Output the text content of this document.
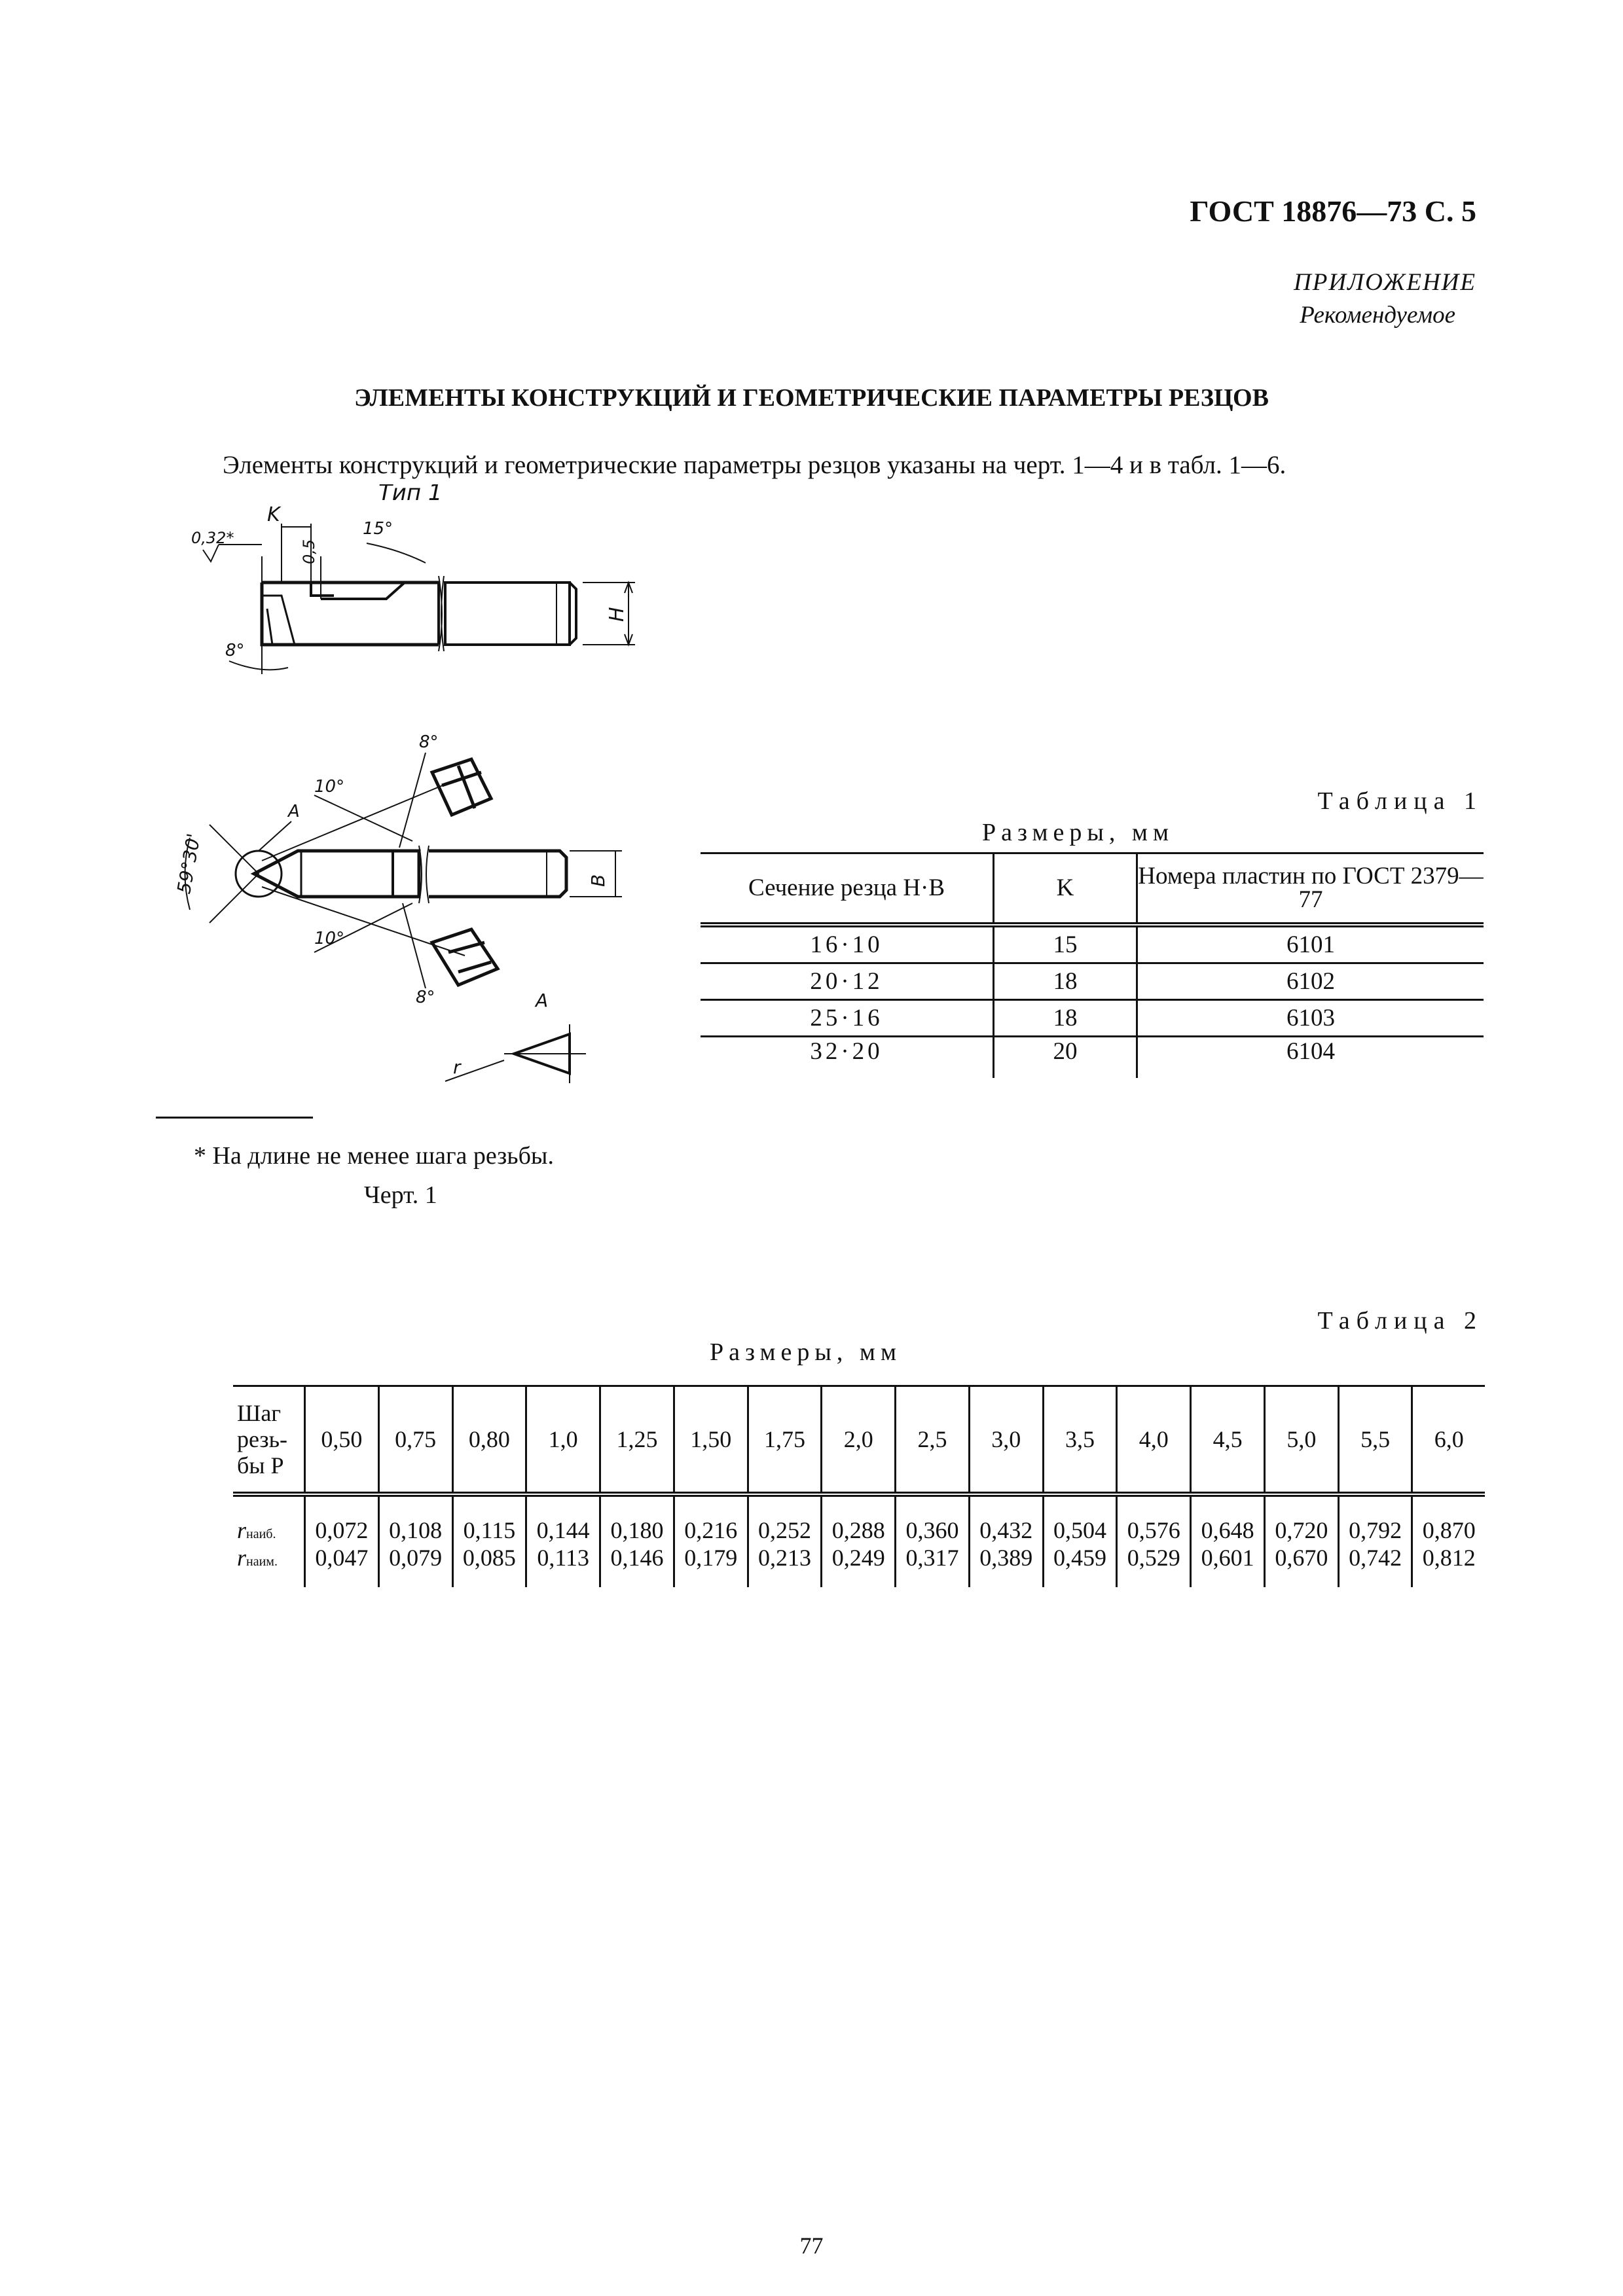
ГОСТ 18876—73 С. 5
ПРИЛОЖЕНИЕ
Рекомендуемое
ЭЛЕМЕНТЫ КОНСТРУКЦИЙ И ГЕОМЕТРИЧЕСКИЕ ПАРАМЕТРЫ РЕЗЦОВ
Элементы конструкций и геометрические параметры резцов указаны на черт. 1—4 и в табл. 1—6.
Тип 1
H
K
0,32*
0,5
15°
8°
B
A
59°30'
10°
8°
10°
8°	A
r
Таблица 1
Размеры, мм
Сечение резца H·B	K	Номера пластин по ГОСТ 2379—77
16·10	15	6101
20·12	18	6102
25·16	18	6103
32·20	20	6104
* На длине не менее шага резьбы.
Черт. 1
Таблица 2
Размеры, мм
Шаг резь- бы P	0,50	0,75	0,80	1,0	1,25	1,50	1,75	2,0	2,5	3,0	3,5	4,0	4,5	5,0	5,5	6,0
rнаиб.	0,072	0,108	0,115	0,144	0,180	0,216	0,252	0,288	0,360	0,432	0,504	0,576	0,648	0,720	0,792	0,870
rнаим.	0,047	0,079	0,085	0,113	0,146	0,179	0,213	0,249	0,317	0,389	0,459	0,529	0,601	0,670	0,742	0,812
77
